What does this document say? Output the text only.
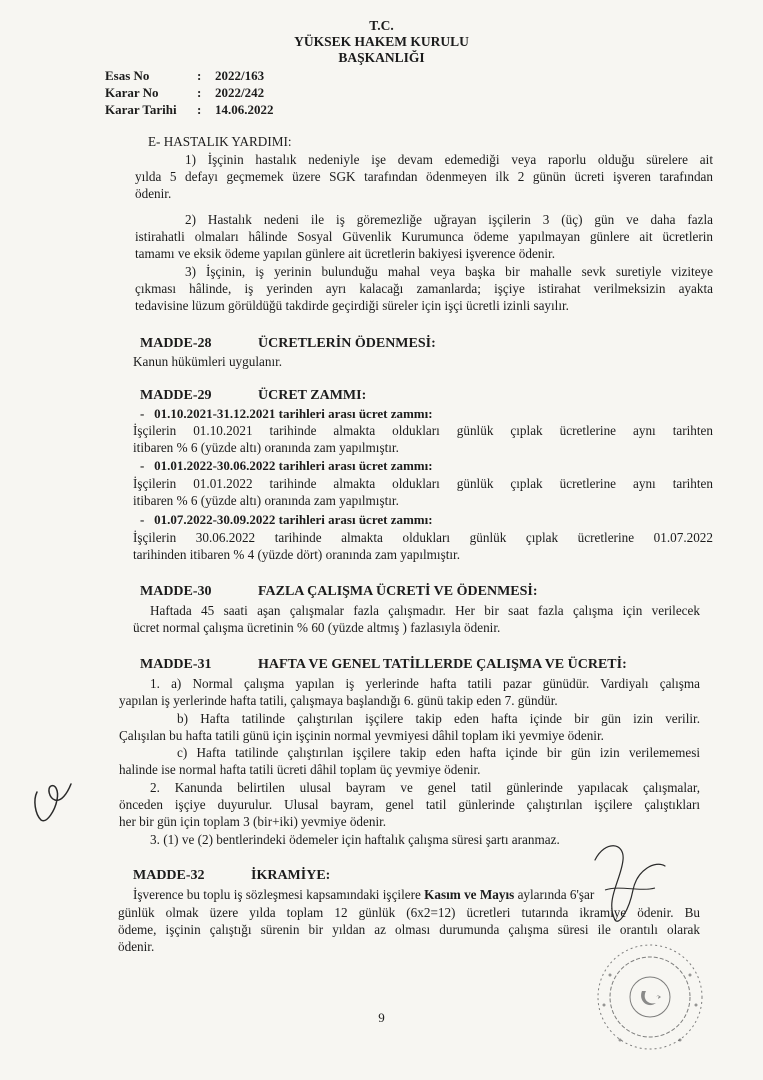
T.C.
YÜKSEK HAKEM KURULU
BAŞKANLIĞI
Esas No	: 2022/163
Karar No	: 2022/242
Karar Tarihi : 14.06.2022
E- HASTALIK YARDIMI:
1) İşçinin hastalık nedeniyle işe devam edemediği veya raporlu olduğu sürelere ait
yılda 5 defayı geçmemek üzere SGK tarafından ödenmeyen ilk 2 günün ücreti işveren tarafından
ödenir.
2) Hastalık nedeni ile iş göremezliğe uğrayan işçilerin 3 (üç) gün ve daha fazla
istirahatli olmaları hâlinde Sosyal Güvenlik Kurumunca ödeme yapılmayan günlere ait ücretlerin
tamamı ve eksik ödeme yapılan günlere ait ücretlerin bakiyesi işverence ödenir.
3) İşçinin, iş yerinin bulunduğu mahal veya başka bir mahalle sevk suretiyle viziteye
çıkması hâlinde, iş yerinden ayrı kalacağı zamanlarda; işçiye istirahat verilmeksizin ayakta
tedavisine lüzum görüldüğü takdirde geçirdiği süreler için işçi ücretli izinli sayılır.
MADDE-28	ÜCRETLERİN ÖDENMESİ:
Kanun hükümleri uygulanır.
MADDE-29	ÜCRET ZAMMI:
- 01.10.2021-31.12.2021 tarihleri arası ücret zammı:
İşçilerin 01.10.2021 tarihinde almakta oldukları günlük çıplak ücretlerine aynı tarihten
itibaren % 6 (yüzde altı) oranında zam yapılmıştır.
- 01.01.2022-30.06.2022 tarihleri arası ücret zammı:
İşçilerin 01.01.2022 tarihinde almakta oldukları günlük çıplak ücretlerine aynı tarihten
itibaren % 6 (yüzde altı) oranında zam yapılmıştır.
- 01.07.2022-30.09.2022 tarihleri arası ücret zammı:
İşçilerin 30.06.2022 tarihinde almakta oldukları günlük çıplak ücretlerine 01.07.2022
tarihinden itibaren % 4 (yüzde dört) oranında zam yapılmıştır.
MADDE-30	FAZLA ÇALIŞMA ÜCRETİ VE ÖDENMESİ:
Haftada 45 saati aşan çalışmalar fazla çalışmadır. Her bir saat fazla çalışma için verilecek
ücret normal çalışma ücretinin % 60 (yüzde altmış ) fazlasıyla ödenir.
MADDE-31	HAFTA VE GENEL TATİLLERDE ÇALIŞMA VE ÜCRETİ:
1. a) Normal çalışma yapılan iş yerlerinde hafta tatili pazar günüdür. Vardiyalı çalışma
yapılan iş yerlerinde hafta tatili, çalışmaya başlandığı 6. günü takip eden 7. gündür.
b) Hafta tatilinde çalıştırılan işçilere takip eden hafta içinde bir gün izin verilir.
Çalışılan bu hafta tatili günü için işçinin normal yevmiyesi dâhil toplam iki yevmiye ödenir.
c) Hafta tatilinde çalıştırılan işçilere takip eden hafta içinde bir gün izin verilememesi
halinde ise normal hafta tatili ücreti dâhil toplam üç yevmiye ödenir.
2. Kanunda belirtilen ulusal bayram ve genel tatil günlerinde yapılacak çalışmalar,
önceden işçiye duyurulur. Ulusal bayram, genel tatil günlerinde çalıştırılan işçilere çalıştıkları
her bir gün için toplam 3 (bir+iki) yevmiye ödenir.
3. (1) ve (2) bentlerindeki ödemeler için haftalık çalışma süresi şartı aranmaz.
MADDE-32	İKRAMİYE:
İşverence bu toplu iş sözleşmesi kapsamındaki işçilere Kasım ve Mayıs aylarında 6'şar
günlük olmak üzere yılda toplam 12 günlük (6x2=12) ücretleri tutarında ikramiye ödenir. Bu
ödeme, işçinin çalıştığı sürenin bir yıldan az olması durumunda çalışma süresi ile orantılı olarak
ödenir.
9
